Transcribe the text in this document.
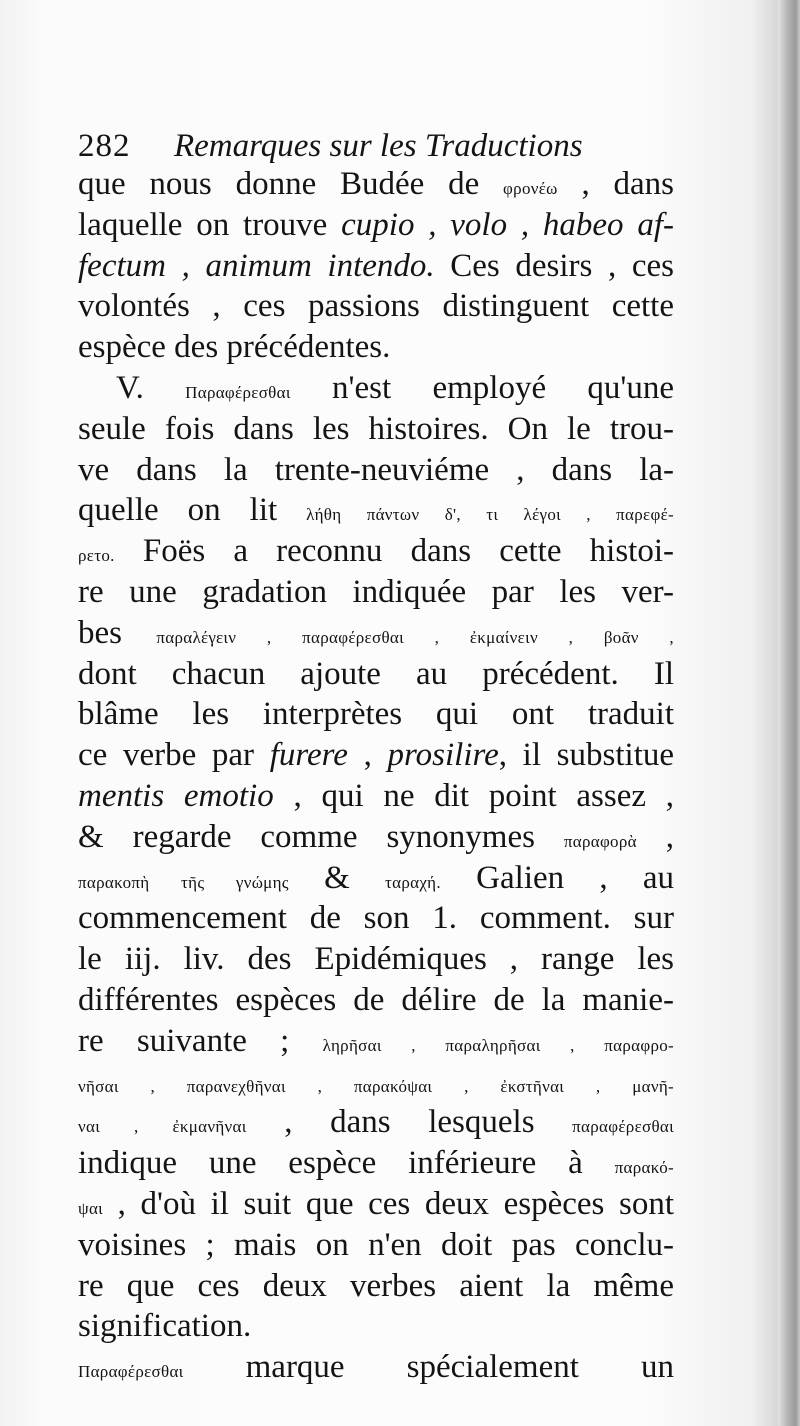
282 Remarques sur les Traductions
que nous donne Budée de φρονέω , dans
laquelle on trouve cupio , volo , habeo af-
fectum , animum intendo. Ces desirs , ces
volontés , ces passions distinguent cette
espèce des précédentes.
V. Παραφέρεσθαι n'est employé qu'une
seule fois dans les histoires. On le trou-
ve dans la trente-neuviéme , dans la-
quelle on lit λήθη πάντων δ', τι λέγοι , παρεφέ-
ρετο. Foës a reconnu dans cette histoi-
re une gradation indiquée par les ver-
bes παραλέγειν , παραφέρεσθαι , ἐκμαίνειν , βοᾶν ,
dont chacun ajoute au précédent. Il
blâme les interprètes qui ont traduit
ce verbe par furere , prosilire, il substitue
mentis emotio , qui ne dit point assez ,
& regarde comme synonymes παραφορὰ ,
παρακοπὴ τῆς γνώμης & ταραχή. Galien , au
commencement de son 1. comment. sur
le iij. liv. des Epidémiques , range les
différentes espèces de délire de la manie-
re suivante ; ληρῆσαι , παραληρῆσαι , παραφρο-
νῆσαι , παρανεχθῆναι , παρακόψαι , ἐκστῆναι , μανῆ-
ναι , ἐκμανῆναι , dans lesquels παραφέρεσθαι
indique une espèce inférieure à παρακό-
ψαι , d'où il suit que ces deux espèces sont
voisines ; mais on n'en doit pas conclu-
re que ces deux verbes aient la même
signification.
Παραφέρεσθαι marque spécialement un
